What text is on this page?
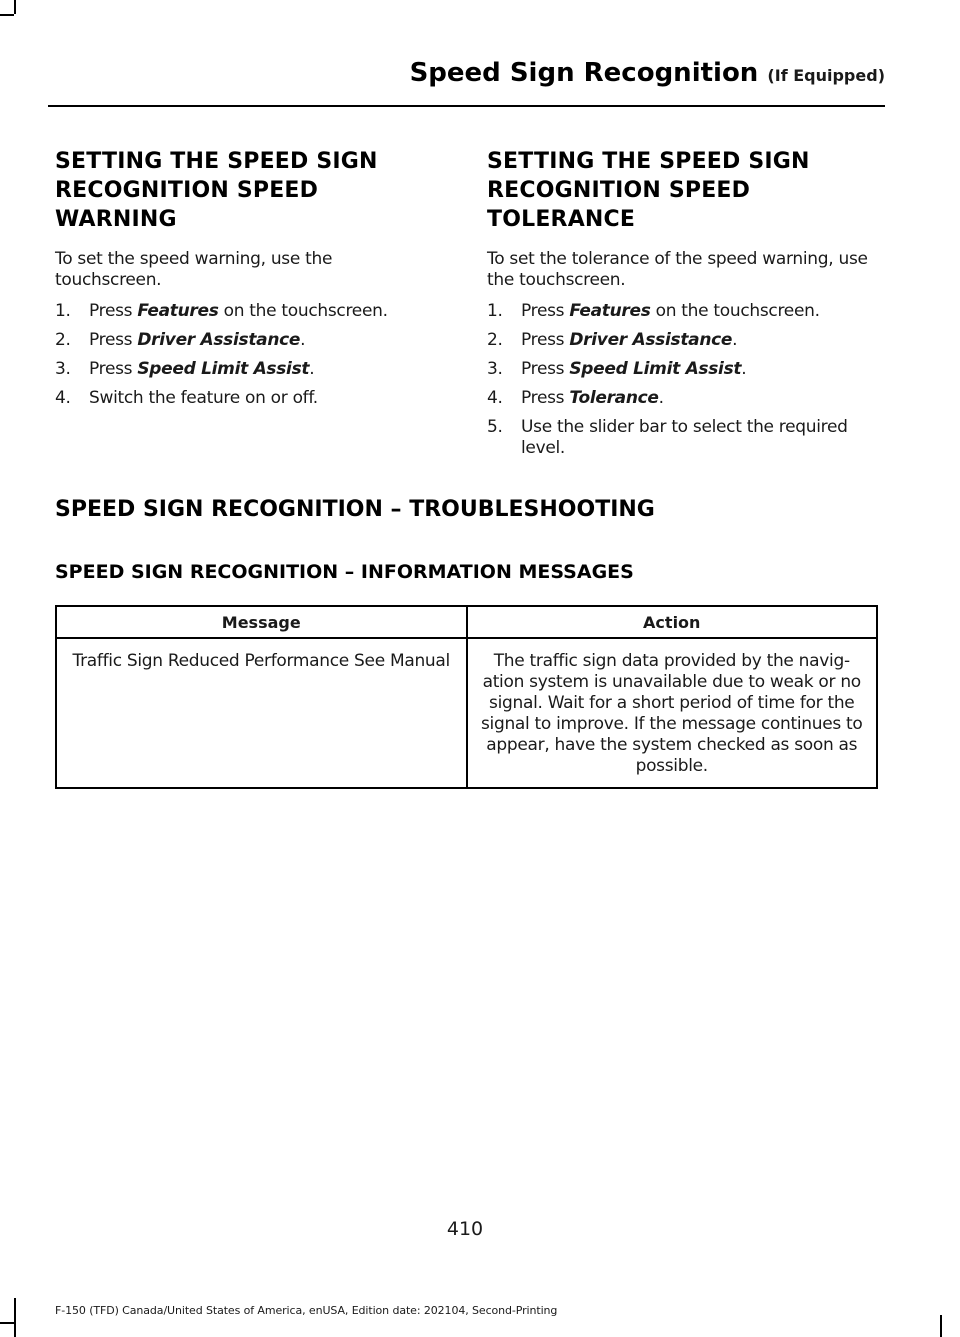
Speed Sign Recognition (If Equipped)
SETTING THE SPEED SIGN RECOGNITION SPEED WARNING

To set the speed warning, use the touchscreen.

1.	Press Features on the touchscreen.
2.	Press Driver Assistance.
3.	Press Speed Limit Assist.
4.	Switch the feature on or off.
SETTING THE SPEED SIGN RECOGNITION SPEED TOLERANCE

To set the tolerance of the speed warning, use the touchscreen.

1.	Press Features on the touchscreen.
2.	Press Driver Assistance.
3.	Press Speed Limit Assist.
4.	Press Tolerance.
5.	Use the slider bar to select the required level.
SPEED SIGN RECOGNITION – TROUBLESHOOTING
SPEED SIGN RECOGNITION – INFORMATION MESSAGES
Message	Action
Traffic Sign Reduced Performance See Manual	The traffic sign data provided by the navig-ation system is unavailable due to weak or no signal. Wait for a short period of time for the signal to improve. If the message continues to appear, have the system checked as soon as possible.
410
F-150 (TFD) Canada/United States of America, enUSA, Edition date: 202104, Second-Printing
